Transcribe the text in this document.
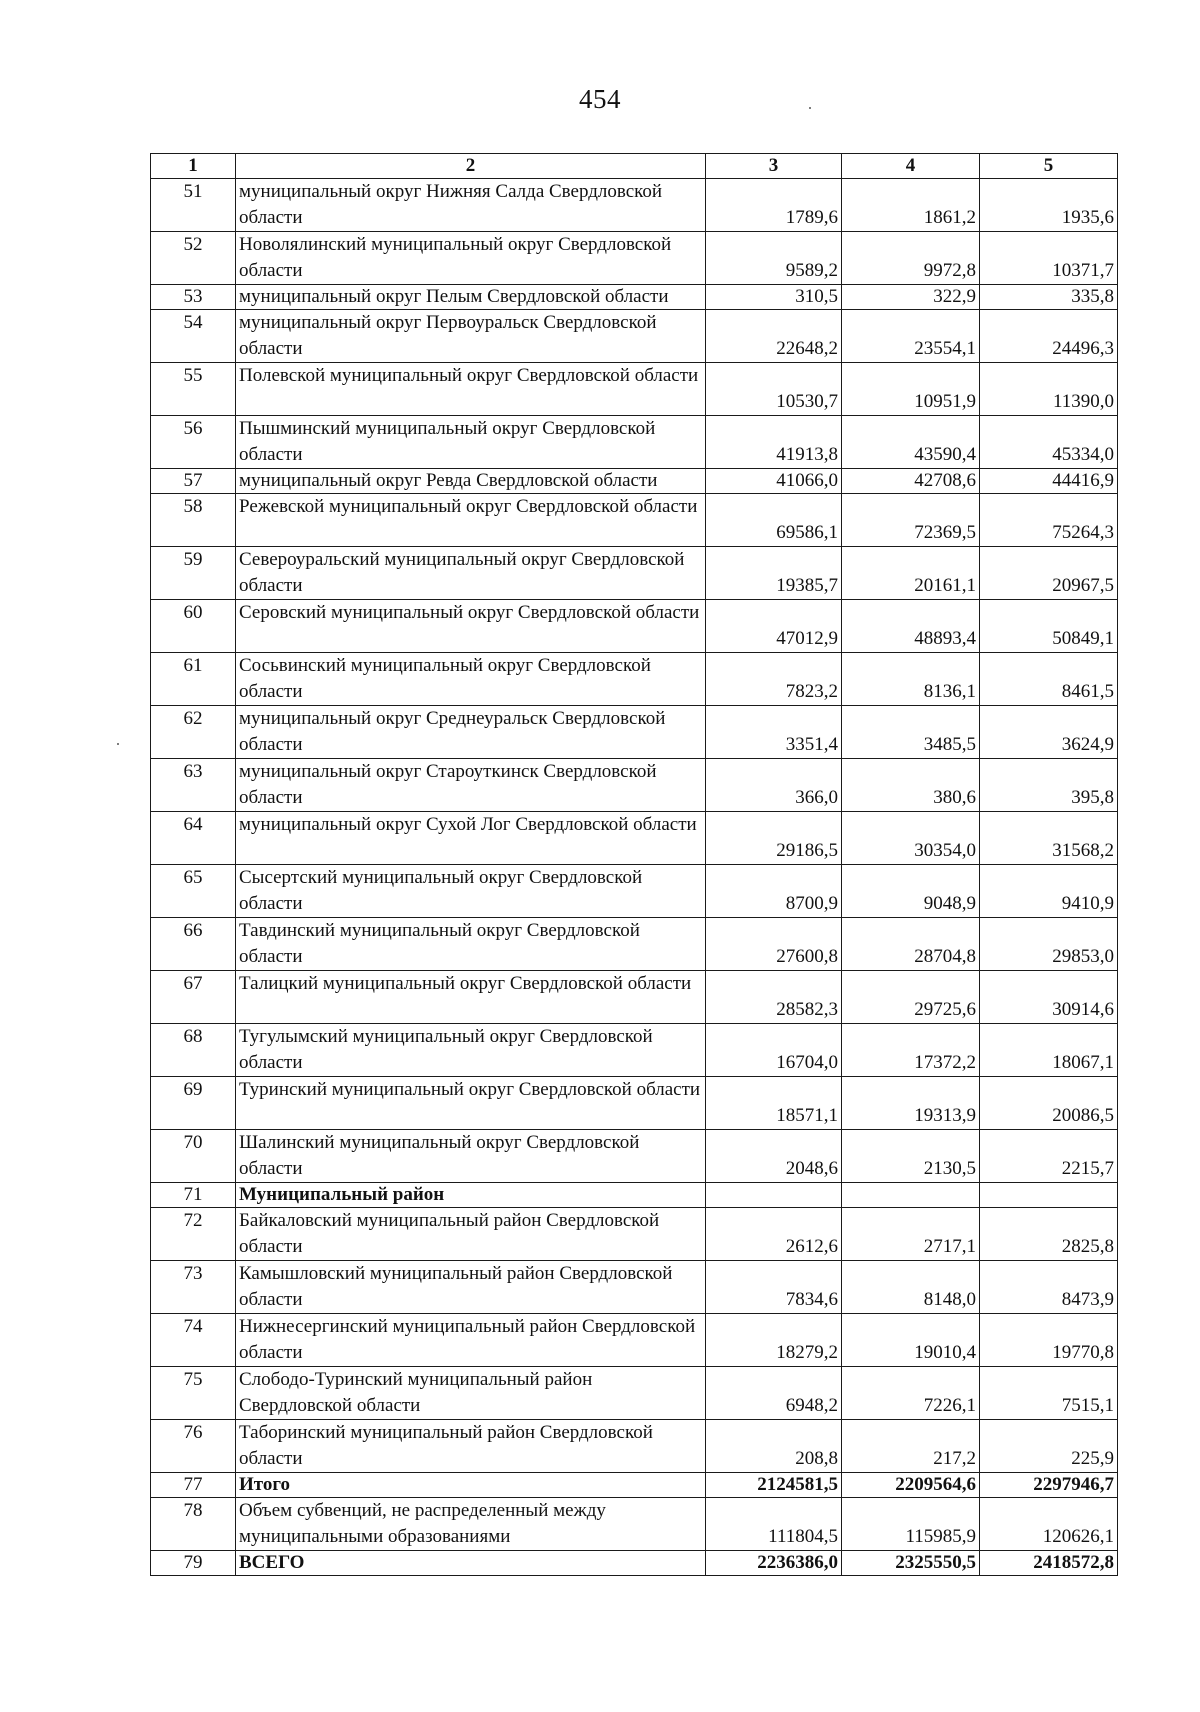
454
1	2	3	4	5
51	муниципальный округ Нижняя Салда Свердловской области	1789,6	1861,2	1935,6
52	Новолялинский муниципальный округ Свердловской области	9589,2	9972,8	10371,7
53	муниципальный округ Пелым Свердловской области	310,5	322,9	335,8
54	муниципальный округ Первоуральск Свердловской области	22648,2	23554,1	24496,3
55	Полевской муниципальный округ Свердловской области	10530,7	10951,9	11390,0
56	Пышминский муниципальный округ Свердловской области	41913,8	43590,4	45334,0
57	муниципальный округ Ревда Свердловской области	41066,0	42708,6	44416,9
58	Режевской муниципальный округ Свердловской области	69586,1	72369,5	75264,3
59	Североуральский муниципальный округ Свердловской области	19385,7	20161,1	20967,5
60	Серовский муниципальный округ Свердловской области	47012,9	48893,4	50849,1
61	Сосьвинский муниципальный округ Свердловской области	7823,2	8136,1	8461,5
62	муниципальный округ Среднеуральск Свердловской области	3351,4	3485,5	3624,9
63	муниципальный округ Староуткинск Свердловской области	366,0	380,6	395,8
64	муниципальный округ Сухой Лог Свердловской области	29186,5	30354,0	31568,2
65	Сысертский муниципальный округ Свердловской области	8700,9	9048,9	9410,9
66	Тавдинский муниципальный округ Свердловской области	27600,8	28704,8	29853,0
67	Талицкий муниципальный округ Свердловской области	28582,3	29725,6	30914,6
68	Тугулымский муниципальный округ Свердловской области	16704,0	17372,2	18067,1
69	Туринский муниципальный округ Свердловской области	18571,1	19313,9	20086,5
70	Шалинский муниципальный округ Свердловской области	2048,6	2130,5	2215,7
71	Муниципальный район			
72	Байкаловский муниципальный район Свердловской области	2612,6	2717,1	2825,8
73	Камышловский муниципальный район Свердловской области	7834,6	8148,0	8473,9
74	Нижнесергинский муниципальный район Свердловской области	18279,2	19010,4	19770,8
75	Слободо-Туринский муниципальный район Свердловской области	6948,2	7226,1	7515,1
76	Таборинский муниципальный район Свердловской области	208,8	217,2	225,9
77	Итого	2124581,5	2209564,6	2297946,7
78	Объем субвенций, не распределенный между муниципальными образованиями	111804,5	115985,9	120626,1
79	ВСЕГО	2236386,0	2325550,5	2418572,8
